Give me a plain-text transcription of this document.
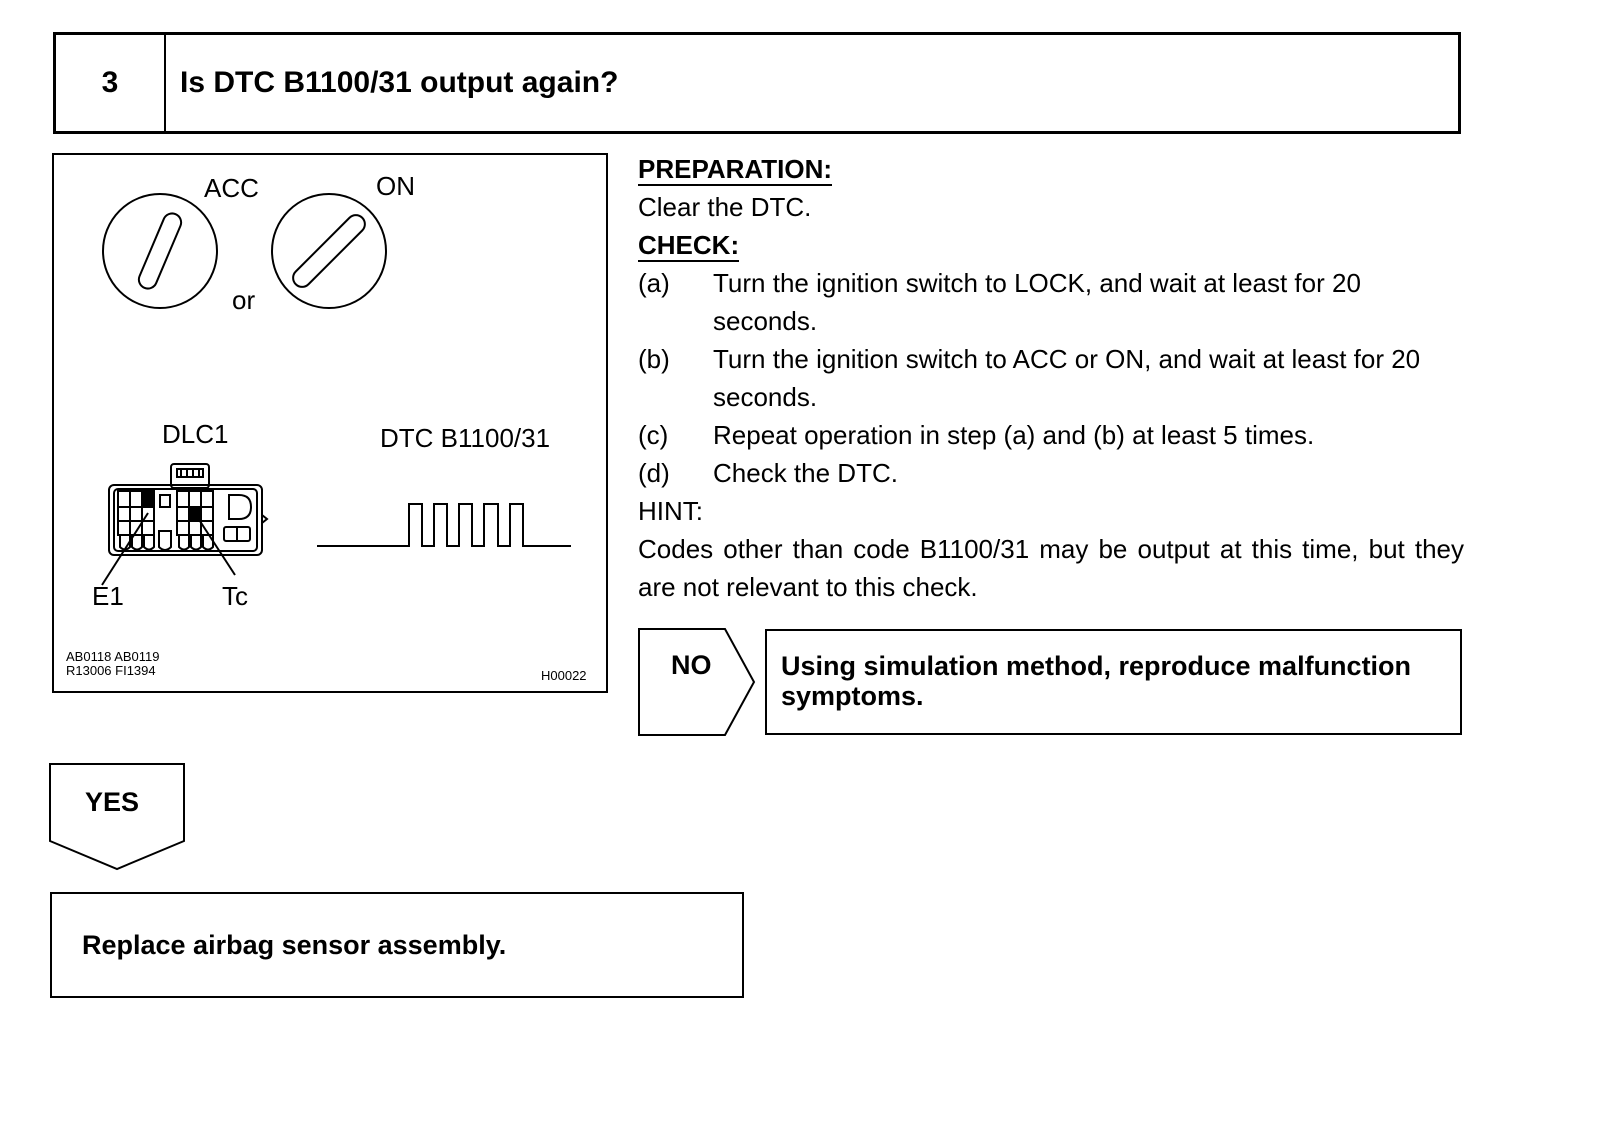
3	Is DTC B1100/31 output again?
ACC	ON
or
DLC1	DTC B1100/31
E1	Tc
AB0118 AB0119
R13006 FI1394	H00022
PREPARATION:
Clear the DTC.
CHECK:
(a)	Turn the ignition switch to LOCK, and wait at least for 20 seconds.
(b)	Turn the ignition switch to ACC or ON, and wait at least for 20 seconds.
(c)	Repeat operation in step (a) and (b) at least 5 times.
(d)	Check the DTC.
HINT:
Codes other than code B1100/31 may be output at this time, but they are not relevant to this check.
NO	Using simulation method, reproduce malfunction symptoms.
YES
Replace airbag sensor assembly.
